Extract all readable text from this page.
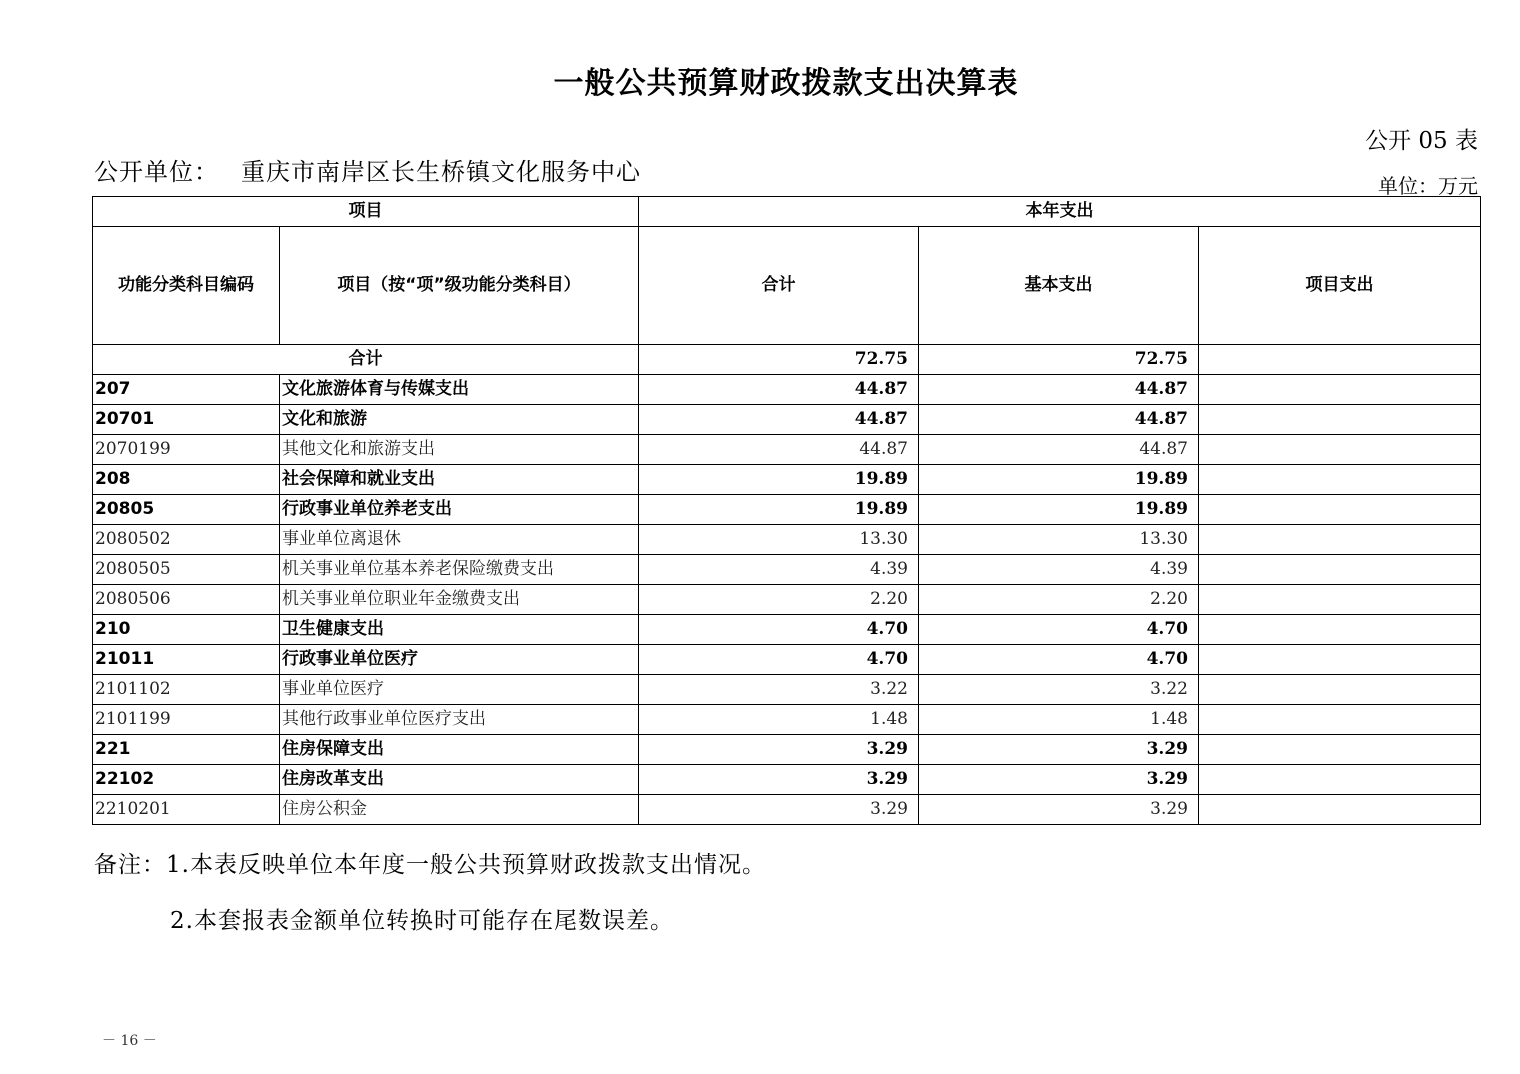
一般公共预算财政拨款支出决算表
公开 05 表
公开单位： 重庆市南岸区长生桥镇文化服务中心	单位：万元
项目		本年支出		
功能分类科目编码	项目（按“项”级功能分类科目）	合计	基本支出	项目支出
合计		72.75	72.75	
207	文化旅游体育与传媒支出	44.87	44.87	
20701	文化和旅游	44.87	44.87	
2070199	其他文化和旅游支出	44.87	44.87	
208	社会保障和就业支出	19.89	19.89	
20805	行政事业单位养老支出	19.89	19.89	
2080502	事业单位离退休	13.30	13.30	
2080505	机关事业单位基本养老保险缴费支出	4.39	4.39	
2080506	机关事业单位职业年金缴费支出	2.20	2.20	
210	卫生健康支出	4.70	4.70	
21011	行政事业单位医疗	4.70	4.70	
2101102	事业单位医疗	3.22	3.22	
2101199	其他行政事业单位医疗支出	1.48	1.48	
221	住房保障支出	3.29	3.29	
22102	住房改革支出	3.29	3.29	
2210201	住房公积金	3.29	3.29	
备注：1.本表反映单位本年度一般公共预算财政拨款支出情况。
2.本套报表金额单位转换时可能存在尾数误差。
－ 16 －
